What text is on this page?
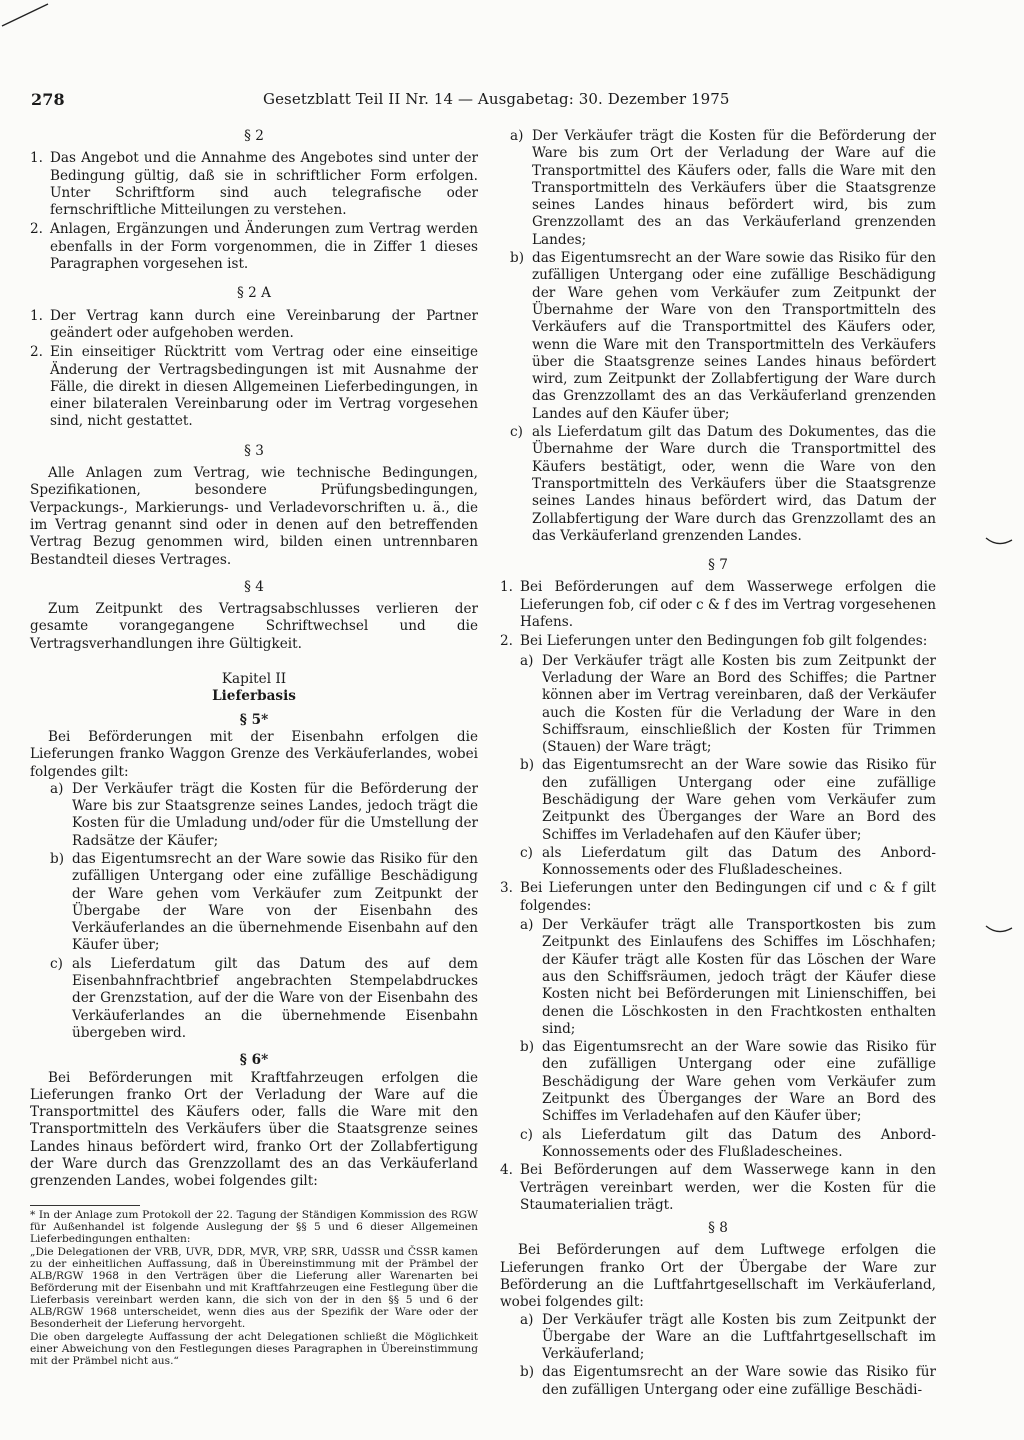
278	Gesetzblatt Teil II Nr. 14 — Ausgabetag: 30. Dezember 1975
§ 2
1. Das Angebot und die Annahme des Angebotes sind unter der Bedingung gültig, daß sie in schriftlicher Form erfolgen. Unter Schriftform sind auch telegrafische oder fernschriftliche Mitteilungen zu verstehen.
2. Anlagen, Ergänzungen und Änderungen zum Vertrag werden ebenfalls in der Form vorgenommen, die in Ziffer 1 dieses Paragraphen vorgesehen ist.
§ 2 A
1. Der Vertrag kann durch eine Vereinbarung der Partner geändert oder aufgehoben werden.
2. Ein einseitiger Rücktritt vom Vertrag oder eine einseitige Änderung der Vertragsbedingungen ist mit Ausnahme der Fälle, die direkt in diesen Allgemeinen Lieferbedingungen, in einer bilateralen Vereinbarung oder im Vertrag vorgesehen sind, nicht gestattet.
§ 3

Alle Anlagen zum Vertrag, wie technische Bedingungen, Spezifikationen, besondere Prüfungsbedingungen, Verpackungs-, Markierungs- und Verladevorschriften u. ä., die im Vertrag genannt sind oder in denen auf den betreffenden Vertrag Bezug genommen wird, bilden einen untrennbaren Bestandteil dieses Vertrages.

§ 4

Zum Zeitpunkt des Vertragsabschlusses verlieren der gesamte vorangegangene Schriftwechsel und die Vertragsverhandlungen ihre Gültigkeit.

Kapitel II
Lieferbasis
§ 5*

Bei Beförderungen mit der Eisenbahn erfolgen die Lieferungen franko Waggon Grenze des Verkäuferlandes, wobei folgendes gilt:

a) Der Verkäufer trägt die Kosten für die Beförderung der Ware bis zur Staatsgrenze seines Landes, jedoch trägt die Kosten für die Umladung und/oder für die Umstellung der Radsätze der Käufer;
b) das Eigentumsrecht an der Ware sowie das Risiko für den zufälligen Untergang oder eine zufällige Beschädigung der Ware gehen vom Verkäufer zum Zeitpunkt der Übergabe der Ware von der Eisenbahn des Verkäuferlandes an die übernehmende Eisenbahn auf den Käufer über;
c) als Lieferdatum gilt das Datum des auf dem Eisenbahnfrachtbrief angebrachten Stempelabdruckes der Grenzstation, auf der die Ware von der Eisenbahn des Verkäuferlandes an die übernehmende Eisenbahn übergeben wird.
§ 6*

Bei Beförderungen mit Kraftfahrzeugen erfolgen die Lieferungen franko Ort der Verladung der Ware auf die Transportmittel des Käufers oder, falls die Ware mit den Transportmitteln des Verkäufers über die Staatsgrenze seines Landes hinaus befördert wird, franko Ort der Zollabfertigung der Ware durch das Grenzzollamt des an das Verkäuferland grenzenden Landes, wobei folgendes gilt:

* In der Anlage zum Protokoll der 22. Tagung der Ständigen Kommission des RGW für Außenhandel ist folgende Auslegung der §§ 5 und 6 dieser Allgemeinen Lieferbedingungen enthalten:

„Die Delegationen der VRB, UVR, DDR, MVR, VRP, SRR, UdSSR und ČSSR kamen zu der einheitlichen Auffassung, daß in Übereinstimmung mit der Prämbel der ALB/RGW 1968 in den Verträgen über die Lieferung aller Warenarten bei Beförderung mit der Eisenbahn und mit Kraftfahrzeugen eine Festlegung über die Lieferbasis vereinbart werden kann, die sich von der in den §§ 5 und 6 der ALB/RGW 1968 unterscheidet, wenn dies aus der Spezifik der Ware oder der Besonderheit der Lieferung hervorgeht.

Die oben dargelegte Auffassung der acht Delegationen schließt die Möglichkeit einer Abweichung von den Festlegungen dieses Paragraphen in Übereinstimmung mit der Prämbel nicht aus.“

a) Der Verkäufer trägt die Kosten für die Beförderung der Ware bis zum Ort der Verladung der Ware auf die Transportmittel des Käufers oder, falls die Ware mit den Transportmitteln des Verkäufers über die Staatsgrenze seines Landes hinaus befördert wird, bis zum Grenzzollamt des an das Verkäuferland grenzenden Landes;
b) das Eigentumsrecht an der Ware sowie das Risiko für den zufälligen Untergang oder eine zufällige Beschädigung der Ware gehen vom Verkäufer zum Zeitpunkt der Übernahme der Ware von den Transportmitteln des Verkäufers auf die Transportmittel des Käufers oder, wenn die Ware mit den Transportmitteln des Verkäufers über die Staatsgrenze seines Landes hinaus befördert wird, zum Zeitpunkt der Zollabfertigung der Ware durch das Grenzzollamt des an das Verkäuferland grenzenden Landes auf den Käufer über;
c) als Lieferdatum gilt das Datum des Dokumentes, das die Übernahme der Ware durch die Transportmittel des Käufers bestätigt, oder, wenn die Ware von den Transportmitteln des Verkäufers über die Staatsgrenze seines Landes hinaus befördert wird, das Datum der Zollabfertigung der Ware durch das Grenzzollamt des an das Verkäuferland grenzenden Landes.
§ 7
1. Bei Beförderungen auf dem Wasserwege erfolgen die Lieferungen fob, cif oder c & f des im Vertrag vorgesehenen Hafens.
2. Bei Lieferungen unter den Bedingungen fob gilt folgendes:
a) Der Verkäufer trägt alle Kosten bis zum Zeitpunkt der Verladung der Ware an Bord des Schiffes; die Partner können aber im Vertrag vereinbaren, daß der Verkäufer auch die Kosten für die Verladung der Ware in den Schiffsraum, einschließlich der Kosten für Trimmen (Stauen) der Ware trägt;
b) das Eigentumsrecht an der Ware sowie das Risiko für den zufälligen Untergang oder eine zufällige Beschädigung der Ware gehen vom Verkäufer zum Zeitpunkt des Überganges der Ware an Bord des Schiffes im Verladehafen auf den Käufer über;
c) als Lieferdatum gilt das Datum des Anbord-Konnossements oder des Flußladescheines.
3. Bei Lieferungen unter den Bedingungen cif und c & f gilt folgendes:
a) Der Verkäufer trägt alle Transportkosten bis zum Zeitpunkt des Einlaufens des Schiffes im Löschhafen; der Käufer trägt alle Kosten für das Löschen der Ware aus den Schiffsräumen, jedoch trägt der Käufer diese Kosten nicht bei Beförderungen mit Linienschiffen, bei denen die Löschkosten in den Frachtkosten enthalten sind;
b) das Eigentumsrecht an der Ware sowie das Risiko für den zufälligen Untergang oder eine zufällige Beschädigung der Ware gehen vom Verkäufer zum Zeitpunkt des Überganges der Ware an Bord des Schiffes im Verladehafen auf den Käufer über;
c) als Lieferdatum gilt das Datum des Anbord-Konnossements oder des Flußladescheines.
4. Bei Beförderungen auf dem Wasserwege kann in den Verträgen vereinbart werden, wer die Kosten für die Staumaterialien trägt.
§ 8

Bei Beförderungen auf dem Luftwege erfolgen die Lieferungen franko Ort der Übergabe der Ware zur Beförderung an die Luftfahrtgesellschaft im Verkäuferland, wobei folgendes gilt:

a) Der Verkäufer trägt alle Kosten bis zum Zeitpunkt der Übergabe der Ware an die Luftfahrtgesellschaft im Verkäuferland;
b) das Eigentumsrecht an der Ware sowie das Risiko für den zufälligen Untergang oder eine zufällige Beschädi-
